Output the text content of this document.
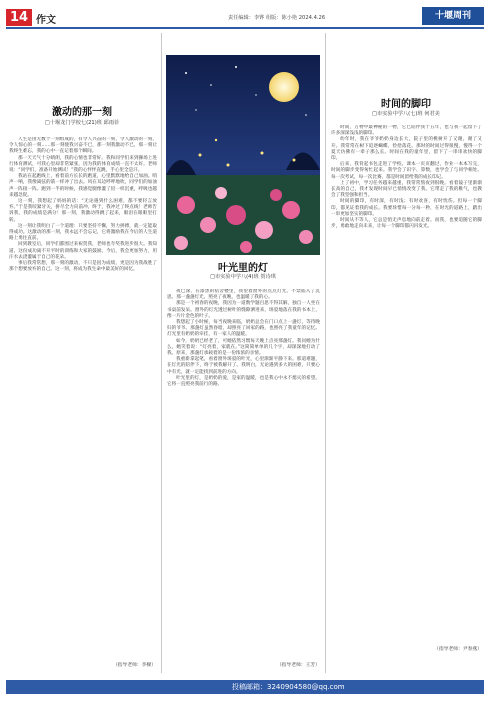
14 作文	责任编辑：李铧 组版：陈小艳 2024.4.26	十堰周刊
激动的那一刻
□十堰龙门学校七(21)班 邱雨菲

人生是由无数个一刻组成的，有令人兴奋的一刻，令人激动的一刻，令人惊心的一刻……那一刻使我兴奋不已，那一刻我激动不已，那一刻让我终生难忘，我的心中一直记着那个瞬间。

那一天天气十分晴朗，我的心情也非常好。我和同学们来到操场上进行体育测试，可我心里却非常紧张，因为我的体育成绩一直不太好。老师说：“同学们，准备开始测试！”我的心怦怦直跳，手心里全是汗。

我站在起跑线上，看着前方长长的跑道，心里默默地给自己加油。哨声一响，我像离弦的箭一样冲了出去。风在耳边呼呼地吹，同学们的加油声一阵接一阵。跑到一半的时候，我感觉腿像灌了铅一样沉重，呼吸也越来越急促。

这一刻，我想起了妈妈的话：“无论遇到什么困难，都不要轻言放弃。”于是我咬紧牙关，拼尽全力向前冲。终于，我冲过了终点线！老师告诉我，我的成绩是满分！那一刻，我激动得跳了起来，眼泪在眼眶里打转。

这一刻让我明白了一个道理：只要坚持不懈，努力拼搏，就一定能取得成功。这激动的那一刻，我永远不会忘记，它将激励我在今后的人生道路上勇往直前。

回到教室后，同学们都围过来祝贺我，老师也夸奖我进步很大。我知道，这份成功离不开平时的训练和大家的鼓励。今后，我会更加努力，用汗水去浇灌属于自己的花朵。

事后我常常想，那一刻的激动，不只是因为成绩，更是因为我战胜了那个想要放弃的自己。这一刻，将成为我生命中最美好的回忆。

（指导老师：李樑）
叶光里的灯
□市实验中学八(4)班 贺诗琪

夜已深，在漆黑的宿舍楼里，我望着窗外的点点灯光，不禁陷入了沉思。那一盏盏灯光，照亮了夜晚，也温暖了我的心。

那是一个初春的夜晚，我因为一道数学题百思不得其解，独自一人坐在书桌前发呆。窗外的灯光透过树叶的缝隙洒进来，斑驳地落在我的书本上，像一片片金色的叶子。

我想起了小时候，每当夜晚来临，奶奶总会在门口点上一盏灯，等待晚归的爷爷。那盏灯虽然昏暗，却照亮了回家的路，也照亮了我童年的记忆。灯光里有奶奶的牵挂，有一家人的温暖。

如今，奶奶已经老了，可她依然习惯每天晚上点亮那盏灯。我问她为什么，她笑着说：“灯亮着，家就在。”这简简单单的几个字，却深深地打动了我。原来，那盏灯承载着的是一份浓浓的亲情。

我重新拿起笔，看着窗外斑驳的叶光，心里渐渐平静下来。那道难题，在灯光的陪伴下，终于被我解开了。我明白，无论遇到多大的困难，只要心中有光，就一定能找到前进的方向。

叶光里的灯，是奶奶的爱，是家的温暖，也是我心中永不熄灭的希望。它将一直照亮我前行的路。

（指导老师：王芳）
时间的脚印
□市实验中学八(七)班 何君美

时间，万物中最神秘的一物，它已陪伴我十五年，也与我一起留下了许多深深浅浅的脚印。

幼年时，我在爷爷奶奶身边长大，院子里的桃树开了又谢，谢了又开。我常常在树下追逐蝴蝶，捡拾落花。那时的时间过得很慢，慢得一个夏天仿佛有一辈子那么长。时间在我的童年里，留下了一串串欢快的脚印。

后来，我背起书包走进了学校。课本一页页翻过，作业一本本写完，时间的脚步变得匆忙起来。我学会了识字、算数，也学会了与同学相处。每一次考试，每一次比赛，都是时间留给我的成长印记。

上了初中，学习任务越来越重，我常常熬夜到很晚。看着镜子里渐渐长高的自己，我才发现时间早已悄悄改变了我。它带走了我的稚气，也教会了我坚强和担当。

时间的脚印，有时深，有时浅；有时欢喜，有时忧伤。但每一个脚印，都见证着我的成长。我要珍惜每一分每一秒，在时光的道路上，踏出一串更加坚实的脚印。

时间从不等人，它总是悄无声息地向前走着。而我，也要追随它的脚步，勇敢地走向未来，让每一个脚印都闪闪发光。

（指导老师：尹春燕）
投稿邮箱：32409045​80@qq.com
